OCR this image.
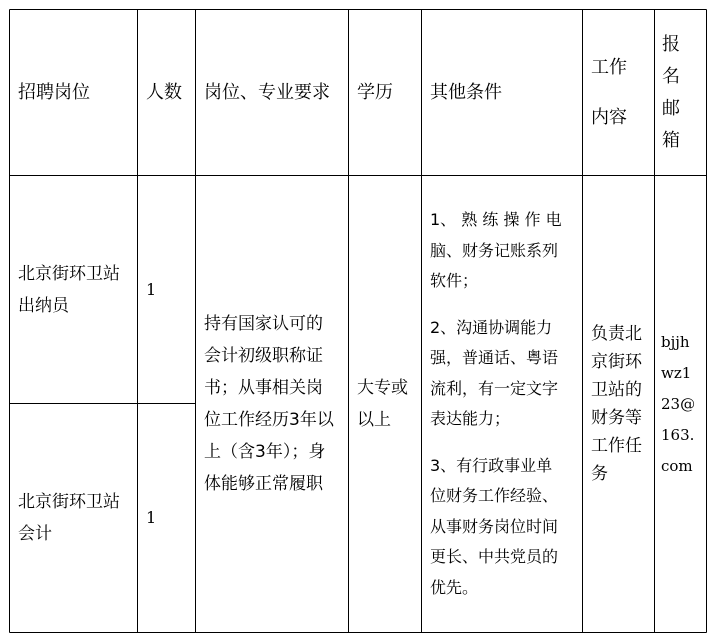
招聘岗位	人数 岗位、专业要求 学历 其他条件
工作
内容
报
名
邮
箱
北京街环卫站
出纳员
1
北京街环卫站
会计
1
持有国家认可的
会计初级职称证
书；从事相关岗
位工作经历3年以
上（含3年）；身
体能够正常履职
大专或
以上
1、 熟 练 操 作 电
脑、财务记账系列
软件；
2、沟通协调能力
强，普通话、粤语
流利，有一定文字
表达能力；
3、有行政事业单
位财务工作经验、
从事财务岗位时间
更长、中共党员的
优先。
负责北
京街环
卫站的
财务等
工作任
务
bjjh
wz1
23@
163.
com
